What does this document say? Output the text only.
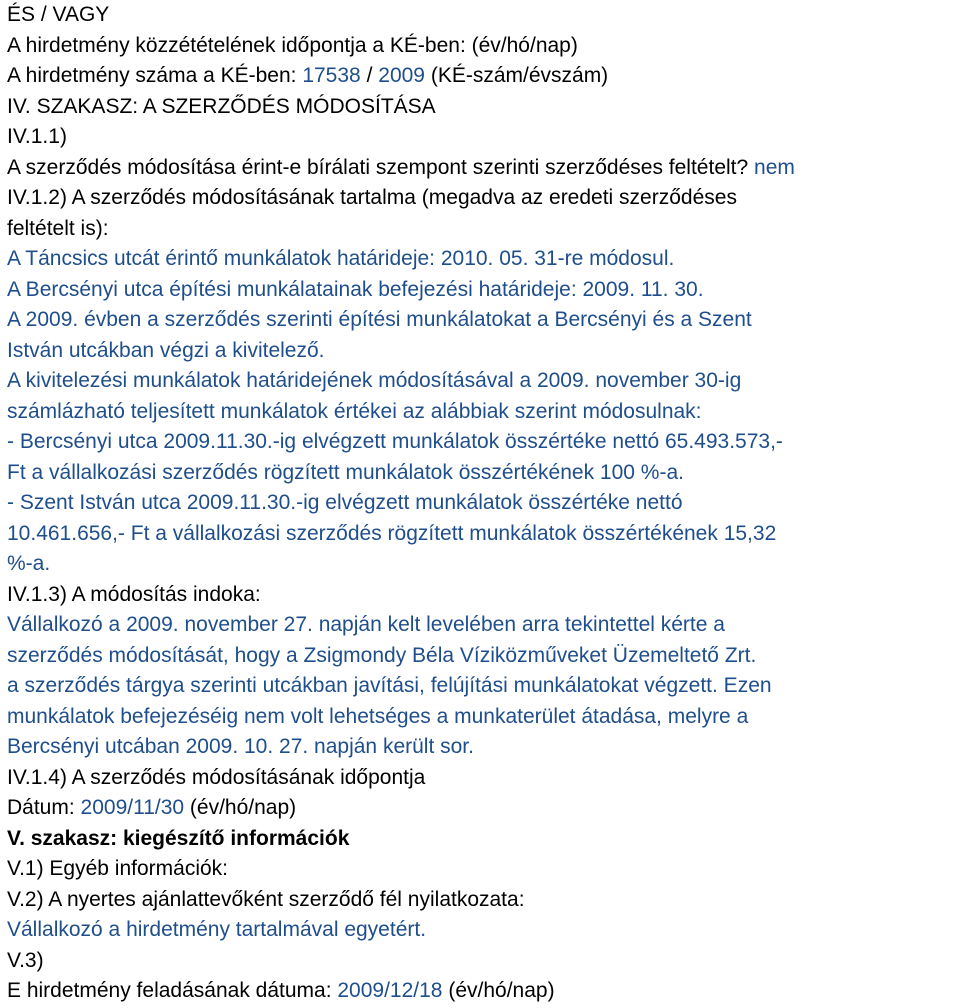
ÉS / VAGY
A hirdetmény közzétételének időpontja a KÉ-ben: (év/hó/nap)
A hirdetmény száma a KÉ-ben: 17538 / 2009 (KÉ-szám/évszám)
IV. SZAKASZ: A SZERZŐDÉS MÓDOSÍTÁSA
IV.1.1)
A szerződés módosítása érint-e bírálati szempont szerinti szerződéses feltételt? nem
IV.1.2) A szerződés módosításának tartalma (megadva az eredeti szerződéses
feltételt is):
A Táncsics utcát érintő munkálatok határideje: 2010. 05. 31-re módosul.
A Bercsényi utca építési munkálatainak befejezési határideje: 2009. 11. 30.
A 2009. évben a szerződés szerinti építési munkálatokat a Bercsényi és a Szent
István utcákban végzi a kivitelező.
A kivitelezési munkálatok határidejének módosításával a 2009. november 30-ig
számlázható teljesített munkálatok értékei az alábbiak szerint módosulnak:
- Bercsényi utca 2009.11.30.-ig elvégzett munkálatok összértéke nettó 65.493.573,-
Ft a vállalkozási szerződés rögzített munkálatok összértékének 100 %-a.
- Szent István utca 2009.11.30.-ig elvégzett munkálatok összértéke nettó
10.461.656,- Ft a vállalkozási szerződés rögzített munkálatok összértékének 15,32
%-a.
IV.1.3) A módosítás indoka:
Vállalkozó a 2009. november 27. napján kelt levelében arra tekintettel kérte a
szerződés módosítását, hogy a Zsigmondy Béla Víziközműveket Üzemeltető Zrt.
a szerződés tárgya szerinti utcákban javítási, felújítási munkálatokat végzett. Ezen
munkálatok befejezéséig nem volt lehetséges a munkaterület átadása, melyre a
Bercsényi utcában 2009. 10. 27. napján került sor.
IV.1.4) A szerződés módosításának időpontja
Dátum: 2009/11/30 (év/hó/nap)
V. szakasz: kiegészítő információk
V.1) Egyéb információk:
V.2) A nyertes ajánlattevőként szerződő fél nyilatkozata:
Vállalkozó a hirdetmény tartalmával egyetért.
V.3)
E hirdetmény feladásának dátuma: 2009/12/18 (év/hó/nap)
